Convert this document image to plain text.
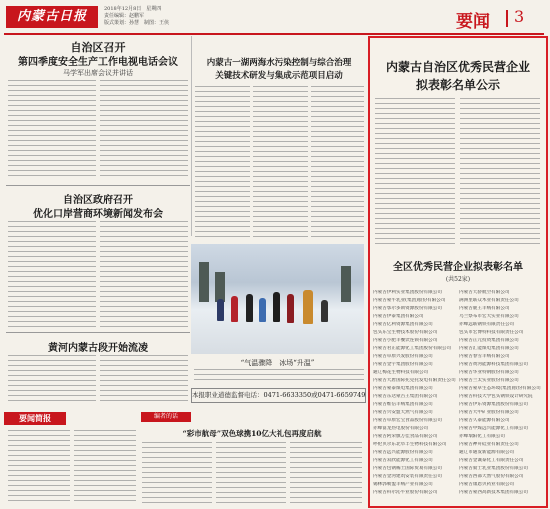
内蒙古日报	2018年12月8日　星期四
责任编辑：赵鹏军
版式策划：孙慧　制图：王侠	要闻 3
自治区召开
第四季度安全生产工作电视电话会议
马学军出席会议并讲话
自治区政府召开
优化口岸营商环境新闻发布会
黄河内蒙古段开始流凌
要闻简报
内蒙古一湖两海水污染控制与综合治理
关键技术研发与集成示范项目启动
“气温骤降　冰场“升温”
本报职业道德监督电话：0471-6633350或0471-6659749
编者的话
“彩市航母”双色球携10亿大礼包再度启航
内蒙古自治区优秀民营企业
拟表彰名单公示
全区优秀民营企业拟表彰名单
(共52家)
内蒙古伊利实业集团股份有限公司
内蒙古蒙牛乳业(集团)股份有限公司
内蒙古鄂尔多斯资源股份有限公司
内蒙古伊泰集团有限公司
内蒙古亿利资源集团有限公司
包头东宝生物技术股份有限公司
内蒙古小肥羊餐饮连锁有限公司
内蒙古君正能源化工集团股份有限公司
内蒙古草原兴发股份有限公司
内蒙古金宇集团股份有限公司
通辽梅花生物科技有限公司
内蒙古大唐国际托克托发电有限责任公司
内蒙古蒙泰煤电集团有限公司
内蒙古东达蒙古王集团有限公司
内蒙古维信羊绒集团有限公司
内蒙古兴安盟天然气有限公司
内蒙古草原宏宝食品股份有限公司
赤峰富龙热电股份有限公司
内蒙古阿荣旗万佳食品有限公司
呼伦贝尔东北阜丰生物科技有限公司
内蒙古远兴能源股份有限公司
内蒙古双欣能源化工有限公司
内蒙古包钢稀土国际贸易有限公司
内蒙古金河建筑安装有限责任公司
锡林郭勒盟羊绒产业有限公司
内蒙古科尔沁牛业股份有限公司
内蒙古天骄航空有限公司
满洲里联众木业有限责任公司
内蒙古鹿王羊绒有限公司
乌兰察布市宏大实业有限公司
赤峰远联钢铁有限责任公司
包头市宏博特科技有限责任公司
内蒙古正元投资集团有限公司
内蒙古汇能煤电集团有限公司
内蒙古春雪羊绒有限公司
内蒙古黄河能源科技集团有限公司
内蒙古华业特钢股份有限公司
内蒙古兰太实业股份有限公司
内蒙古蒙草生态环境(集团)股份有限公司
内蒙古科技大学包头钢铁设计研究院
内蒙古伊东资源集团股份有限公司
内蒙古大中矿业股份有限公司
内蒙古久泰能源有限公司
内蒙古中煤远兴能源化工有限公司
赤峰瑞阳化工有限公司
内蒙古神舟硅业有限责任公司
通辽市通发新能源有限公司
内蒙古金诚泰化工有限责任公司
内蒙古骑士乳业集团股份有限公司
内蒙古西部天然气股份有限公司
内蒙古康恩贝药业有限公司
内蒙古蒙西高新技术集团有限公司
